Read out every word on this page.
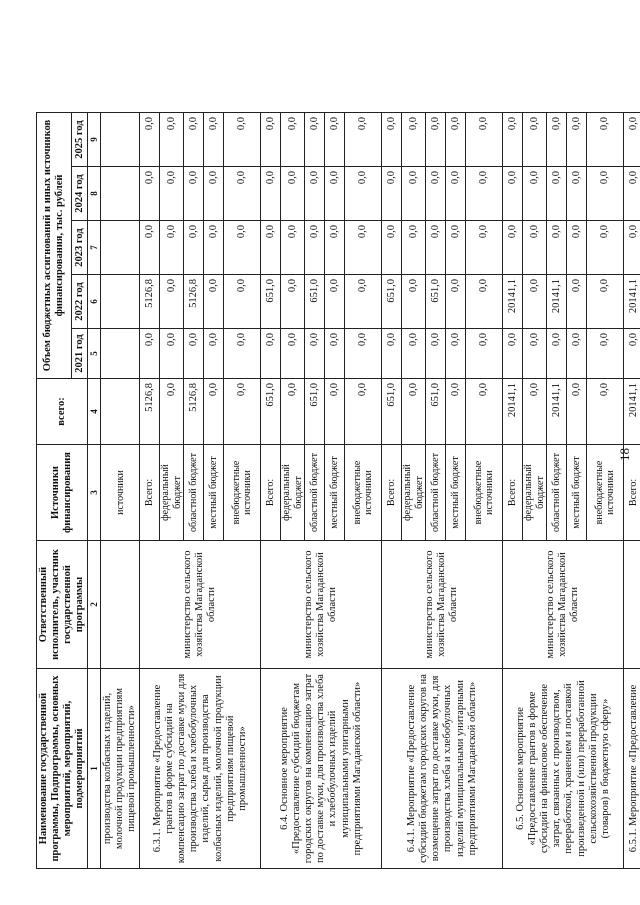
18
Наименование государственной программы, Подпрограммы, основных мероприятий, мероприятий, подмероприятий	Ответственный исполнитель, участник государственной программы	Источники финансирования	всего:	Объем бюджетных ассигнований и иных источников финансирования, тыс. рублей				
				2021 год	2022 год	2023 год	2024 год	2025 год
1	2	3	4	5	6	7	8	9
производства колбасных изделий, молочной продукции предприятиям пищевой промышленности»		источники						
6.3.1. Мероприятие «Предоставление грантов в форме субсидий на компенсацию затрат по доставке муки для производства хлеба и хлебобулочных изделий, сырья для производства колбасных изделий, молочной продукции предприятиям пищевой промышленности»	министерство сельского хозяйства Магаданской области	Всего:	5126,8	0,0	5126,8	0,0	0,0	0,0
		федеральный бюджет	0,0	0,0	0,0	0,0	0,0	0,0
		областной бюджет	5126,8	0,0	5126,8	0,0	0,0	0,0
		местный бюджет	0,0	0,0	0,0	0,0	0,0	0,0
		внебюджетные источники	0,0	0,0	0,0	0,0	0,0	0,0
6.4. Основное мероприятие «Предоставление субсидий бюджетам городских округов на компенсацию затрат по доставке муки, для производства хлеба и хлебобулочных изделий муниципальными унитарными предприятиями Магаданской области»	министерство сельского хозяйства Магаданской области	Всего:	651,0	0,0	651,0	0,0	0,0	0,0
		федеральный бюджет	0,0	0,0	0,0	0,0	0,0	0,0
		областной бюджет	651,0	0,0	651,0	0,0	0,0	0,0
		местный бюджет	0,0	0,0	0,0	0,0	0,0	0,0
		внебюджетные источники	0,0	0,0	0,0	0,0	0,0	0,0
6.4.1. Мероприятие «Предоставление субсидий бюджетам городских округов на возмещение затрат по доставке муки, для производства хлеба и хлебобулочных изделий муниципальными унитарными предприятиями Магаданской области»	министерство сельского хозяйства Магаданской области	Всего:	651,0	0,0	651,0	0,0	0,0	0,0
		федеральный бюджет	0,0	0,0	0,0	0,0	0,0	0,0
		областной бюджет	651,0	0,0	651,0	0,0	0,0	0,0
		местный бюджет	0,0	0,0	0,0	0,0	0,0	0,0
		внебюджетные источники	0,0	0,0	0,0	0,0	0,0	0,0
6.5. Основное мероприятие «Предоставление грантов в форме субсидий на финансовое обеспечение затрат, связанных с производством, переработкой, хранением и поставкой произведенной и (или) переработанной сельскохозяйственной продукции (товаров) в бюджетную сферу»	министерство сельского хозяйства Магаданской области	Всего:	20141,1	0,0	20141,1	0,0	0,0	0,0
		федеральный бюджет	0,0	0,0	0,0	0,0	0,0	0,0
		областной бюджет	20141,1	0,0	20141,1	0,0	0,0	0,0
		местный бюджет	0,0	0,0	0,0	0,0	0,0	0,0
		внебюджетные источники	0,0	0,0	0,0	0,0	0,0	0,0
6.5.1. Мероприятие «Предоставление		Всего:	20141,1	0,0	20141,1	0,0	0,0	0,0
